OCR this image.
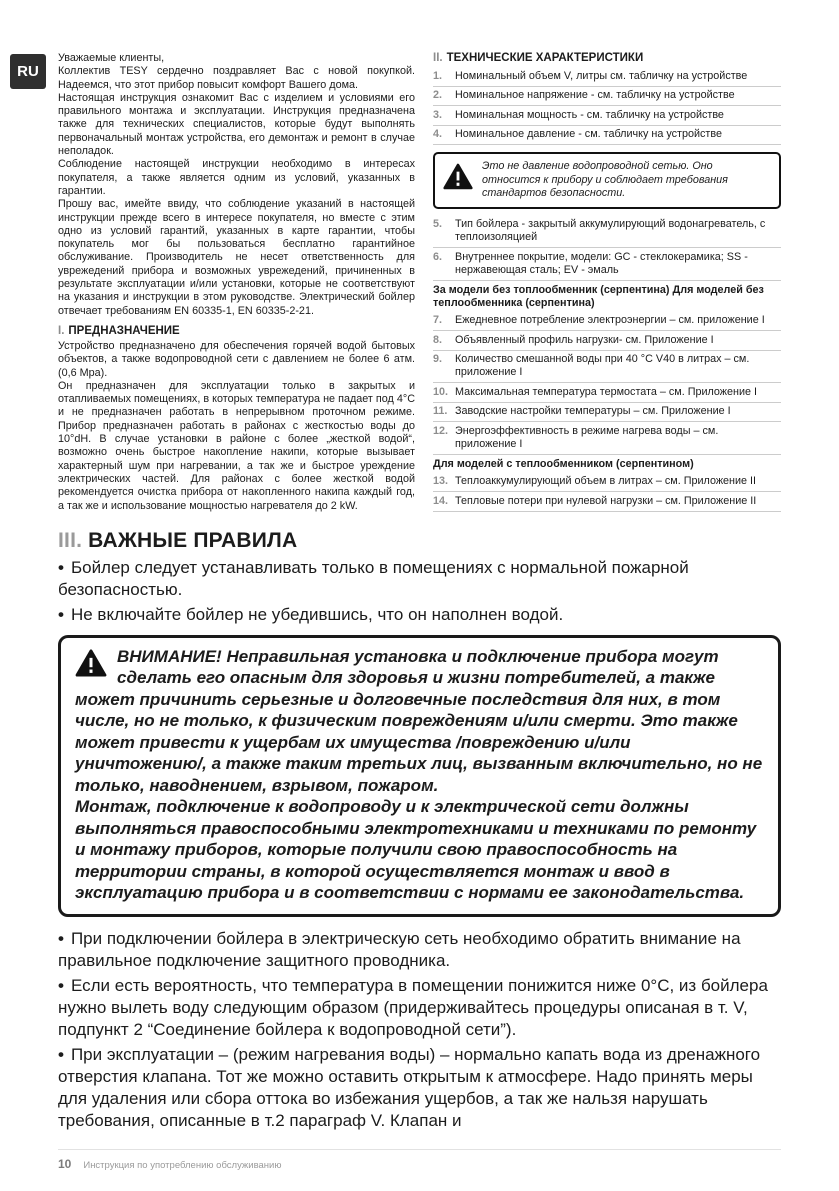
RU

Уважаемые клиенты,

Коллектив TESY сердечно поздравляет Вас с новой покупкой. Надеемся, что этот прибор повысит комфорт Вашего дома.

Настоящая инструкция ознакомит Вас с изделием и условиями его правильного монтажа и эксплуатации. Инструкция предназначена также для технических специалистов, которые будут выполнять первоначальный монтаж устройства, его демонтаж и ремонт в случае неполадок.

Соблюдение настоящей инструкции необходимо в интересах покупателя, а также является одним из условий, указанных в гарантии.

Прошу вас, имейте ввиду, что соблюдение указаний в настоящей инструкции прежде всего в интересе покупателя, но вместе с этим одно из условий гарантий, указанных в карте гарантии, чтобы покупатель мог бы пользоваться бесплатно гарантийное обслуживание. Производитель не несет ответственность для уврежедений прибора и возможных уврежедений, причиненных в результате эксплуатации и/или установки, которые не соответствуют на указания и инструкции в этом руководстве. Электрический бойлер отвечает требованиям EN 60335-1, EN 60335-2-21.

I. ПРЕДНАЗНАЧЕНИЕ

Устройство предназначено для обеспечения горячей водой бытовых объектов, а также водопроводной сети с давлением не более 6 атм. (0,6 Mpa).

Он предназначен для эксплуатации только в закрытых и отапливаемых помещениях, в которых температура не падает под 4°C и не предназначен работать в непрерывном проточном режиме. Прибор предназначен работать в районах с жесткостью воды до 10°dH. В случае установки в районе с более „жесткой водой“, возможно очень быстрое накопление накипи, которые вызывает характерный шум при нагревании, а так же и быстрое уреждение электрических частей. Для районах с более жесткой водой рекомендуется очистка прибора от накопленного накипа каждый год, а так же и использование мощностью нагревателя до 2 kW.

II. ТЕХНИЧЕСКИЕ ХАРАКТЕРИСТИКИ
1.	Номинальный объем V, литры см. табличку на устройстве
2.	Номинальное напряжение - см. табличку на устройстве
3.	Номинальная мощность - см. табличку на устройстве
4.	Номинальное давление - см. табличку на устройстве
Это не давление водопроводной сетью. Оно относится к прибору и соблюдает требования стандартов безопасности.
5.	Тип бойлера - закрытый аккумулирующий водонагреватель, с теплоизоляцией
6.	Внутреннее покрытие, модели: GC - стеклокерамика; SS - нержавеющая сталь; EV - эмаль
За модели без топлообменник (серпентина) Для моделей без теплообменника (серпентина)
7.	Ежедневное потребление электроэнергии – см. приложение I
8.	Объявленный профиль нагрузки- см. Приложение I
9.	Количество смешанной воды при 40 °C V40 в литрах – см. приложение I
10. Максимальная температура термостата – см. Приложение I
11. Заводские настройки температуры – см. Приложение I
12. Энергоэффективность в режиме нагрева воды – см. приложение I
Для моделей с теплообменником (серпентином)
13. Теплоаккумулирующий объем в литрах – см. Приложение II
14. Тепловые потери при нулевой нагрузки – см. Приложение II
III. ВАЖНЫЕ ПРАВИЛА

• Бойлер следует устанавливать только в помещениях с нормальной пожарной безопасностью.

• Не включайте бойлер не убедившись, что он наполнен водой.

ВНИМАНИЕ! Неправильная установка и подключение прибора могут сделать его опасным для здоровья и жизни потребителей, а также может причинить серьезные и долговечные последствия для них, в том числе, но не только, к физическим повреждениям и/или смерти. Это также может привести к ущербам их имущества /повреждению и/или уничтожению/, а также таким третьих лиц, вызванным включительно, но не только, наводнением, взрывом, пожаром.

Монтаж, подключение к водопроводу и к электрической сети должны выполняться правоспособными электротехниками и техниками по ремонту и монтажу приборов, которые получили свою правоспособность на территории страны, в которой осуществляется монтаж и ввод в эксплуатацию прибора и в соответствии с нормами ее законодательства.

• При подключении бойлера в электрическую сеть необходимо обратить внимание на правильное подключение защитного проводника.

• Если есть вероятность, что температура в помещении понижится ниже 0°C, из бойлера нужно вылеть воду следующим образом (придерживайтесь процедуры описаная в т. V, подпункт 2 “Соединение бойлера к водопроводной сети”).

• При эксплуатации – (режим нагревания воды) – нормально капать вода из дренажного отверстия клапана. Тот же можно оставить открытым к атмосфере. Надо принять меры для удаления или сбора оттока во избежания ущербов, а так же нальзя нарушать требования, описанные в т.2 параграф V. Клапан и

10 Инструкция по употреблению обслуживанию
